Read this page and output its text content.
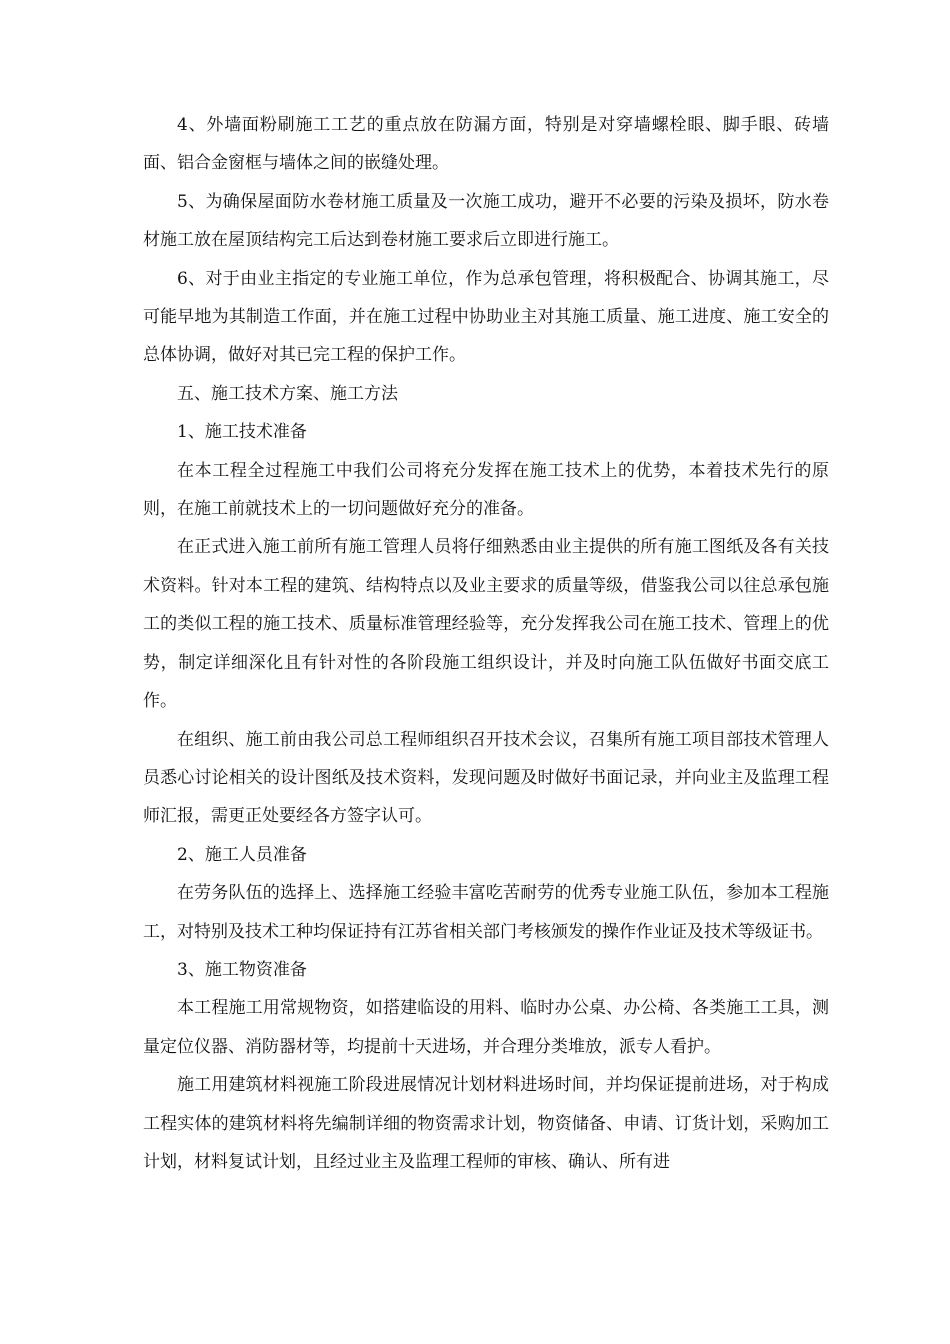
4、外墙面粉刷施工工艺的重点放在防漏方面，特别是对穿墙螺栓眼、脚手眼、砖墙面、铝合金窗框与墙体之间的嵌缝处理。

5、为确保屋面防水卷材施工质量及一次施工成功，避开不必要的污染及损坏，防水卷材施工放在屋顶结构完工后达到卷材施工要求后立即进行施工。

6、对于由业主指定的专业施工单位，作为总承包管理，将积极配合、协调其施工，尽可能早地为其制造工作面，并在施工过程中协助业主对其施工质量、施工进度、施工安全的总体协调，做好对其已完工程的保护工作。

五、施工技术方案、施工方法

1、施工技术准备

在本工程全过程施工中我们公司将充分发挥在施工技术上的优势，本着技术先行的原则，在施工前就技术上的一切问题做好充分的准备。

在正式进入施工前所有施工管理人员将仔细熟悉由业主提供的所有施工图纸及各有关技术资料。针对本工程的建筑、结构特点以及业主要求的质量等级，借鉴我公司以往总承包施工的类似工程的施工技术、质量标准管理经验等，充分发挥我公司在施工技术、管理上的优势，制定详细深化且有针对性的各阶段施工组织设计，并及时向施工队伍做好书面交底工作。

在组织、施工前由我公司总工程师组织召开技术会议，召集所有施工项目部技术管理人员悉心讨论相关的设计图纸及技术资料，发现问题及时做好书面记录，并向业主及监理工程师汇报，需更正处要经各方签字认可。

2、施工人员准备

在劳务队伍的选择上、选择施工经验丰富吃苦耐劳的优秀专业施工队伍，参加本工程施工，对特别及技术工种均保证持有江苏省相关部门考核颁发的操作作业证及技术等级证书。

3、施工物资准备

本工程施工用常规物资，如搭建临设的用料、临时办公桌、办公椅、各类施工工具，测量定位仪器、消防器材等，均提前十天进场，并合理分类堆放，派专人看护。

施工用建筑材料视施工阶段进展情况计划材料进场时间，并均保证提前进场，对于构成工程实体的建筑材料将先编制详细的物资需求计划，物资储备、申请、订货计划，采购加工计划，材料复试计划，且经过业主及监理工程师的审核、确认、所有进
